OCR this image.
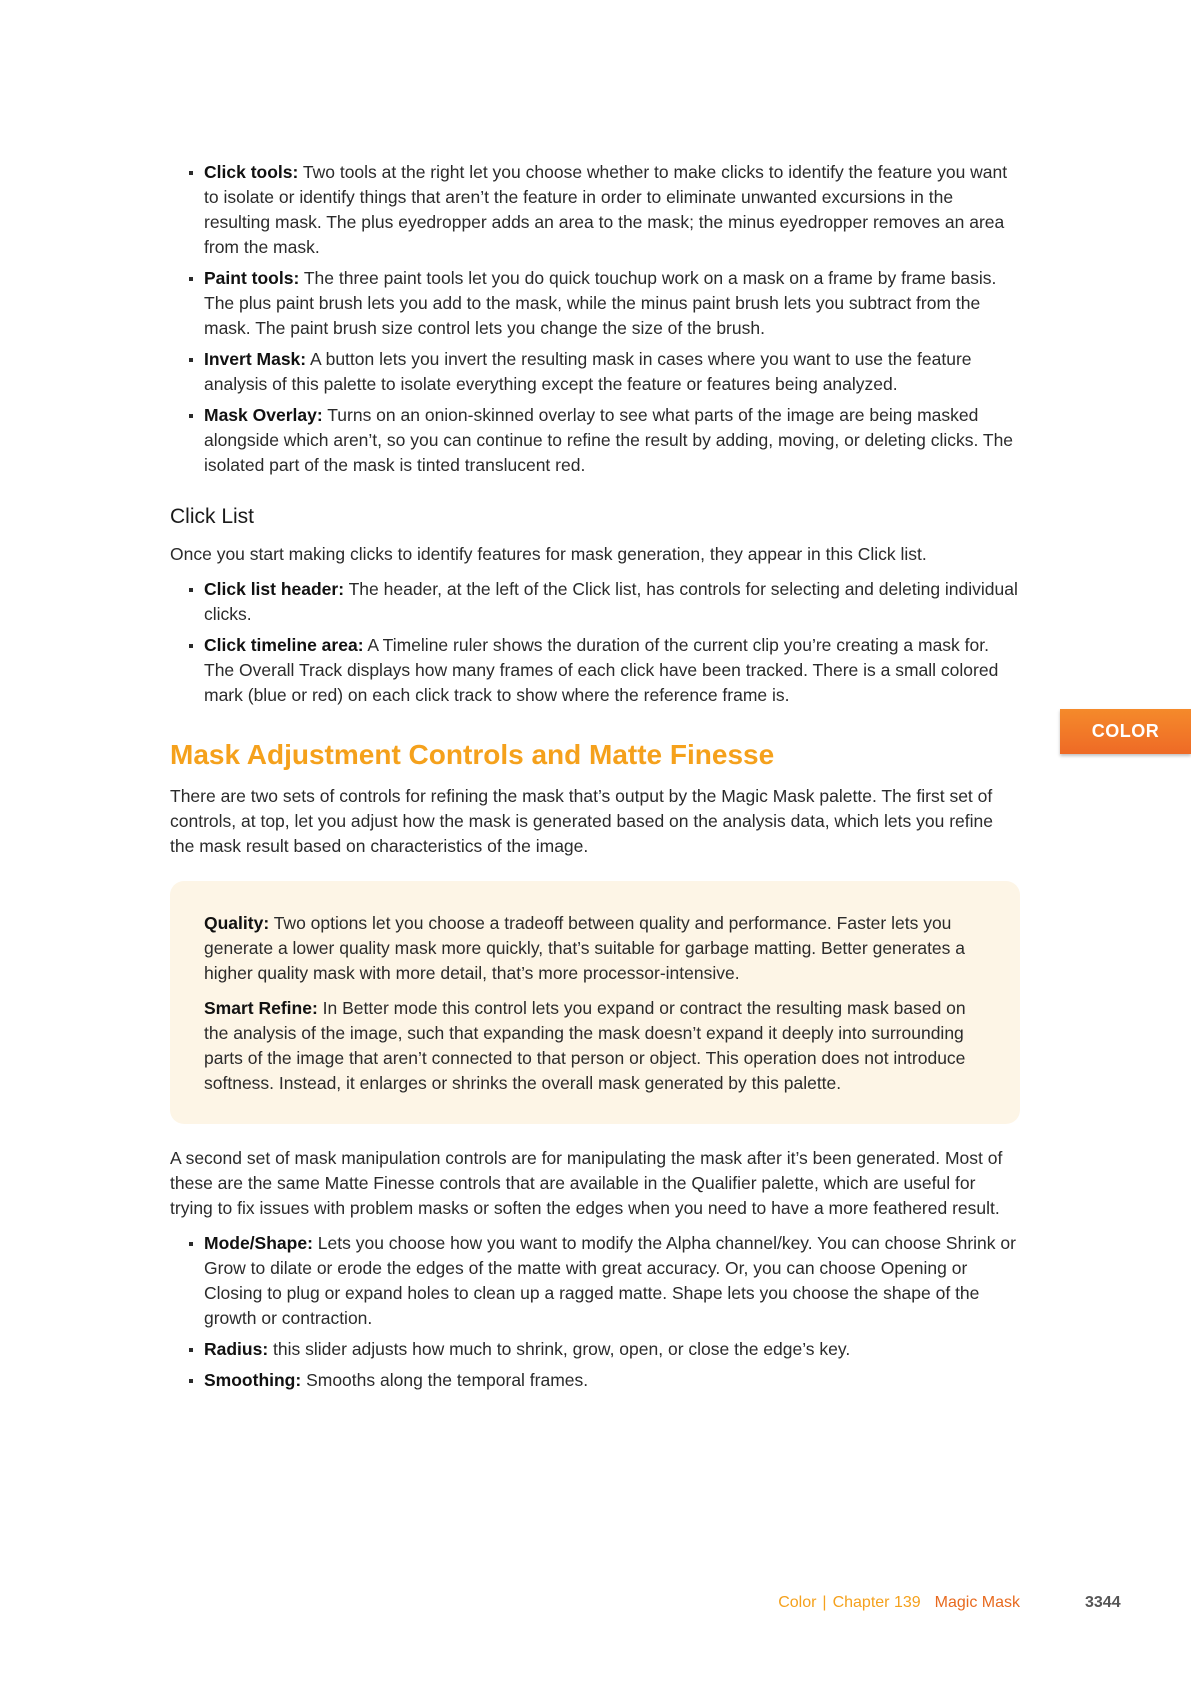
Click tools: Two tools at the right let you choose whether to make clicks to identify the feature you want to isolate or identify things that aren’t the feature in order to eliminate unwanted excursions in the resulting mask. The plus eyedropper adds an area to the mask; the minus eyedropper removes an area from the mask.
Paint tools: The three paint tools let you do quick touchup work on a mask on a frame by frame basis. The plus paint brush lets you add to the mask, while the minus paint brush lets you subtract from the mask. The paint brush size control lets you change the size of the brush.
Invert Mask: A button lets you invert the resulting mask in cases where you want to use the feature analysis of this palette to isolate everything except the feature or features being analyzed.
Mask Overlay: Turns on an onion-skinned overlay to see what parts of the image are being masked alongside which aren’t, so you can continue to refine the result by adding, moving, or deleting clicks. The isolated part of the mask is tinted translucent red.
Click List

Once you start making clicks to identify features for mask generation, they appear in this Click list.

Click list header: The header, at the left of the Click list, has controls for selecting and deleting individual clicks.
Click timeline area: A Timeline ruler shows the duration of the current clip you’re creating a mask for. The Overall Track displays how many frames of each click have been tracked. There is a small colored mark (blue or red) on each click track to show where the reference frame is.
Mask Adjustment Controls and Matte Finesse

There are two sets of controls for refining the mask that’s output by the Magic Mask palette. The first set of controls, at top, let you adjust how the mask is generated based on the analysis data, which lets you refine the mask result based on characteristics of the image.

Quality: Two options let you choose a tradeoff between quality and performance. Faster lets you generate a lower quality mask more quickly, that’s suitable for garbage matting. Better generates a higher quality mask with more detail, that’s more processor-intensive.

Smart Refine: In Better mode this control lets you expand or contract the resulting mask based on the analysis of the image, such that expanding the mask doesn’t expand it deeply into surrounding parts of the image that aren’t connected to that person or object. This operation does not introduce softness. Instead, it enlarges or shrinks the overall mask generated by this palette.

A second set of mask manipulation controls are for manipulating the mask after it’s been generated. Most of these are the same Matte Finesse controls that are available in the Qualifier palette, which are useful for trying to fix issues with problem masks or soften the edges when you need to have a more feathered result.

Mode/Shape: Lets you choose how you want to modify the Alpha channel/key. You can choose Shrink or Grow to dilate or erode the edges of the matte with great accuracy. Or, you can choose Opening or Closing to plug or expand holes to clean up a ragged matte. Shape lets you choose the shape of the growth or contraction.
Radius: this slider adjusts how much to shrink, grow, open, or close the edge’s key.
Smoothing: Smooths along the temporal frames.
COLOR
Color | Chapter 139 Magic Mask	3344
